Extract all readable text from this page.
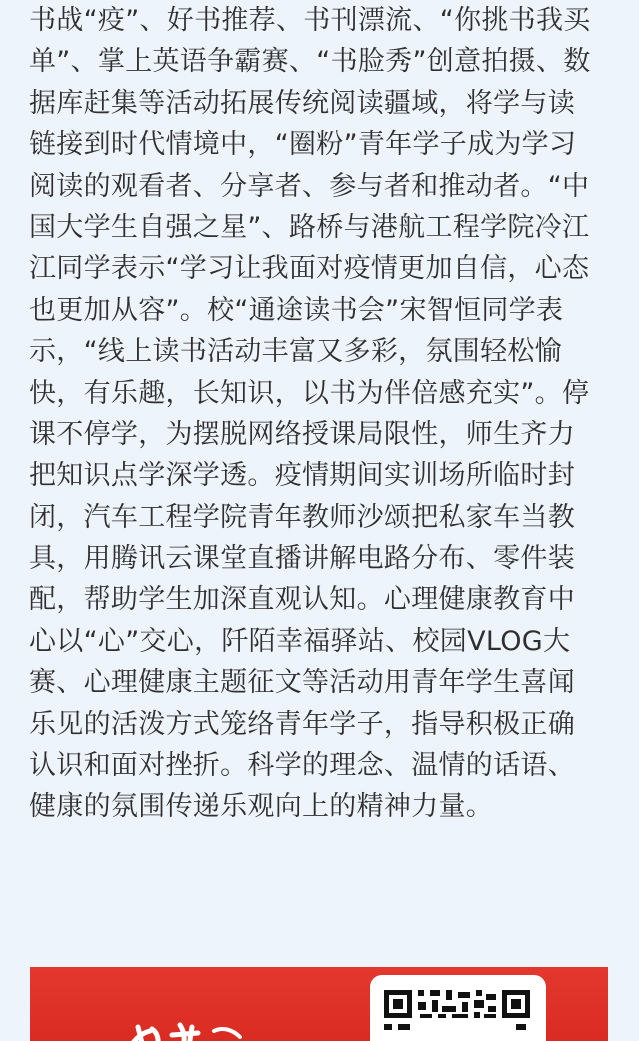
书战“疫”、好书推荐、书刊漂流、“你挑书我买
单”、掌上英语争霸赛、“书脸秀”创意拍摄、数
据库赶集等活动拓展传统阅读疆域，将学与读
链接到时代情境中，“圈粉”青年学子成为学习
阅读的观看者、分享者、参与者和推动者。“中
国大学生自强之星”、路桥与港航工程学院冷江
江同学表示“学习让我面对疫情更加自信，心态
也更加从容”。校“通途读书会”宋智恒同学表
示，“线上读书活动丰富又多彩，氛围轻松愉
快，有乐趣，长知识，以书为伴倍感充实”。停
课不停学，为摆脱网络授课局限性，师生齐力
把知识点学深学透。疫情期间实训场所临时封
闭，汽车工程学院青年教师沙颂把私家车当教
具，用腾讯云课堂直播讲解电路分布、零件装
配，帮助学生加深直观认知。心理健康教育中
心以“心”交心，阡陌幸福驿站、校园VLOG大
赛、心理健康主题征文等活动用青年学生喜闻
乐见的活泼方式笼络青年学子，指导积极正确
认识和面对挫折。科学的理念、温情的话语、
健康的氛围传递乐观向上的精神力量。
